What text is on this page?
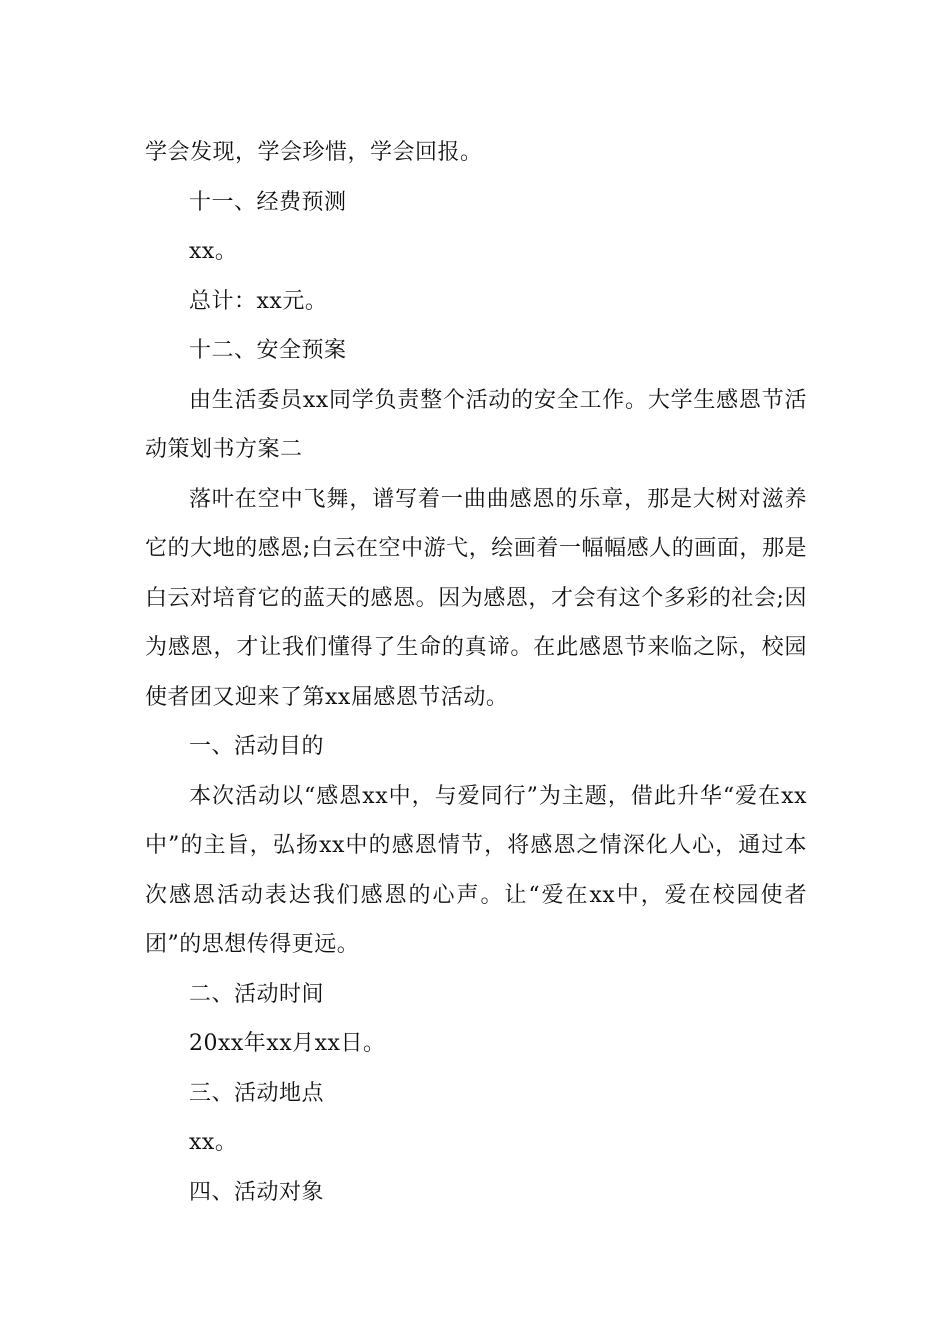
学会发现，学会珍惜，学会回报。

十一、经费预测

xx。

总计：xx元。

十二、安全预案

由生活委员xx同学负责整个活动的安全工作。大学生感恩节活动策划书方案二

落叶在空中飞舞，谱写着一曲曲感恩的乐章，那是大树对滋养它的大地的感恩;白云在空中游弋，绘画着一幅幅感人的画面，那是白云对培育它的蓝天的感恩。因为感恩，才会有这个多彩的社会;因为感恩，才让我们懂得了生命的真谛。在此感恩节来临之际，校园使者团又迎来了第xx届感恩节活动。

一、活动目的

本次活动以“感恩xx中，与爱同行”为主题，借此升华“爱在xx中”的主旨，弘扬xx中的感恩情节，将感恩之情深化人心，通过本次感恩活动表达我们感恩的心声。让“爱在xx中，爱在校园使者团”的思想传得更远。

二、活动时间

20xx年xx月xx日。

三、活动地点

xx。

四、活动对象
